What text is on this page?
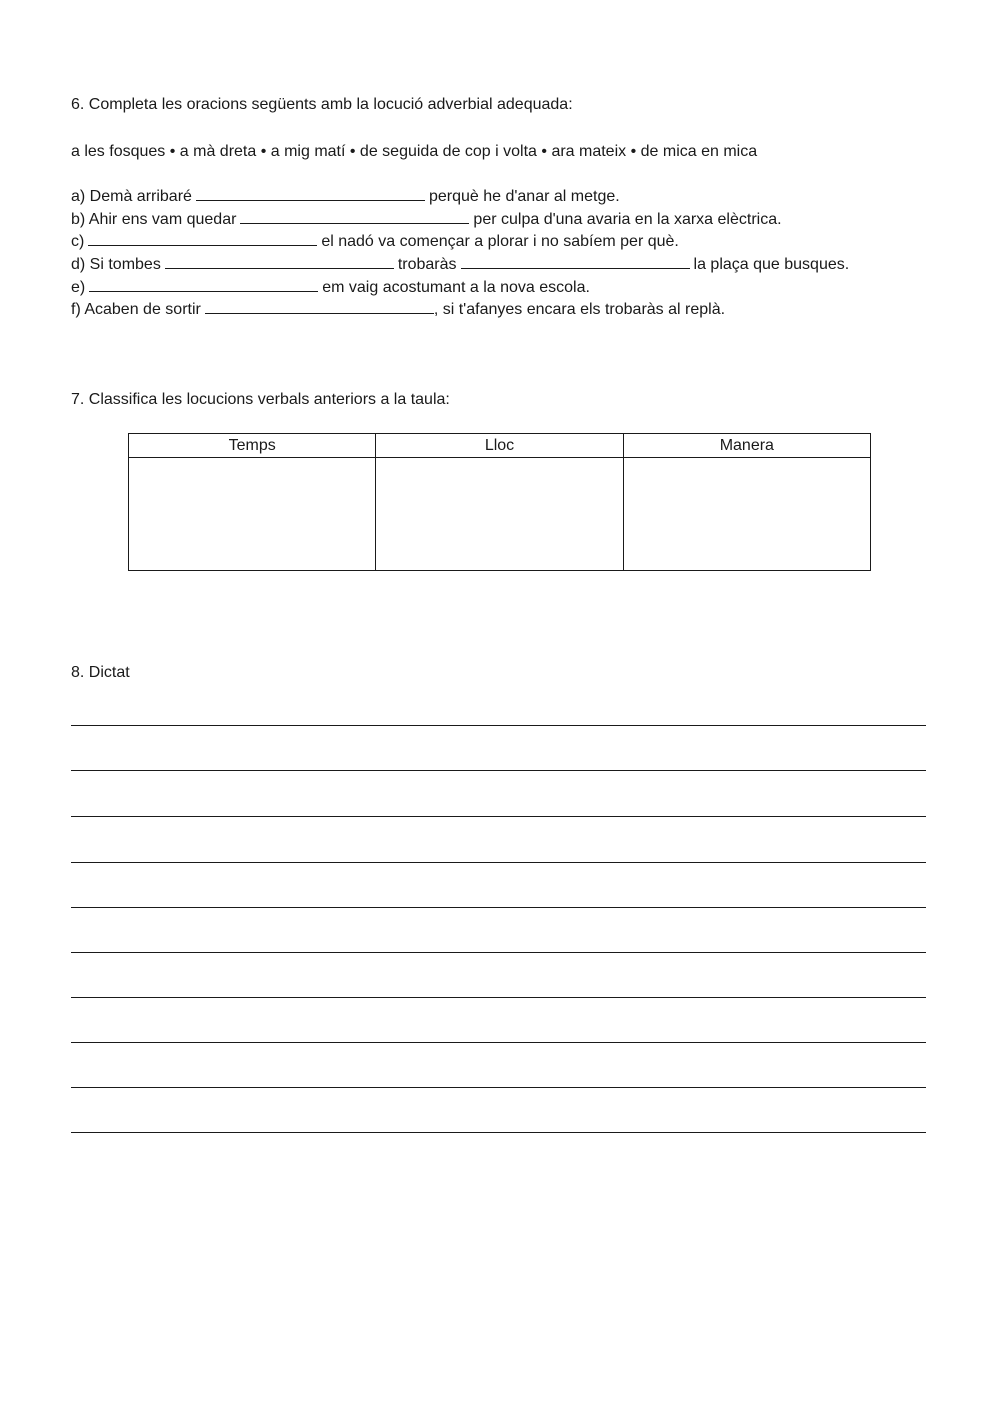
6. Completa les oracions següents amb la locució adverbial adequada:
a les fosques • a mà dreta • a mig matí • de seguida de cop i volta • ara mateix • de mica en mica
a) Demà arribaré	perquè he d'anar al metge.
b) Ahir ens vam quedar	per culpa d'una avaria en la xarxa elèctrica.
c)	el nadó va començar a plorar i no sabíem per què.
d) Si tombes	trobaràs	la plaça que busques.
e)	em vaig acostumant a la nova escola.
f) Acaben de sortir	, si t'afanyes encara els trobaràs al replà.
7. Classifica les locucions verbals anteriors a la taula:
Temps	Lloc	Manera

8. Dictat
